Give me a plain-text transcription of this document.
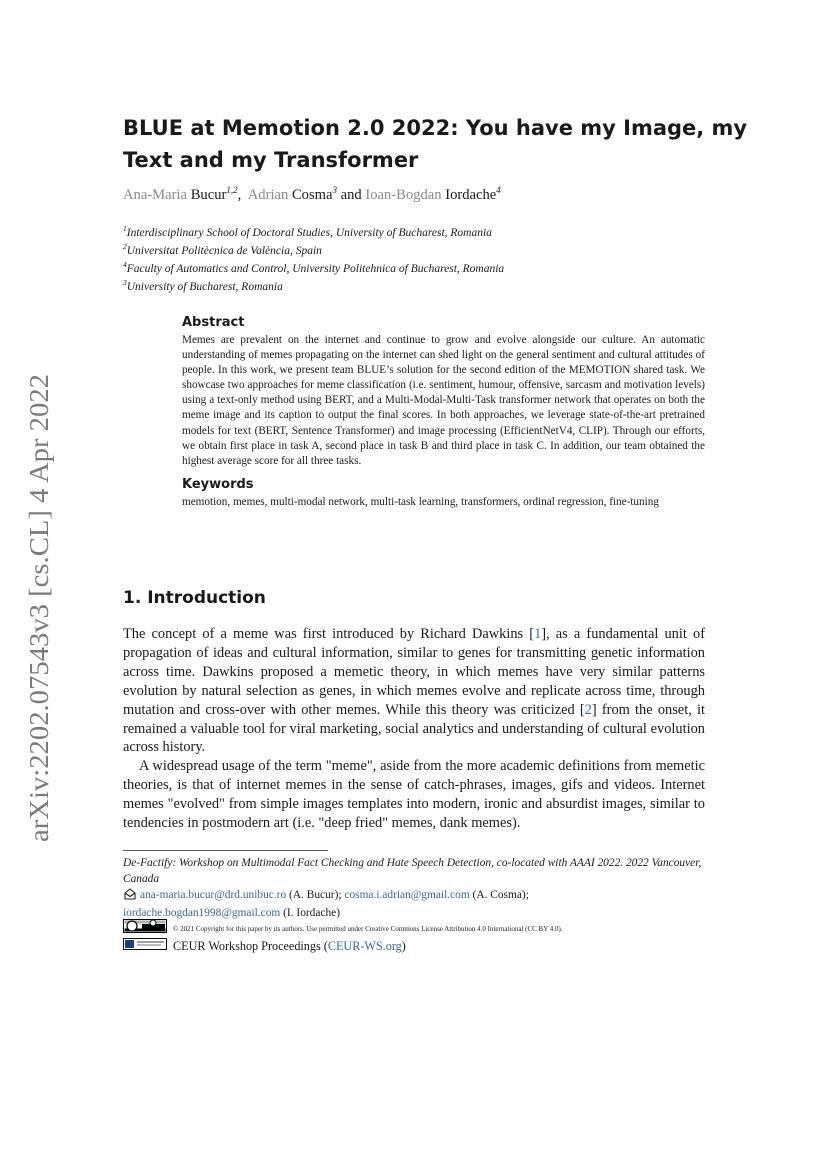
arXiv:2202.07543v3 [cs.CL] 4 Apr 2022
BLUE at Memotion 2.0 2022: You have my Image, my
Text and my Transformer
Ana-Maria Bucur$^{1,2}$,  Adrian Cosma$^3$ and Ioan-Bogdan Iordache$^4$
$^1$Interdisciplinary School of Doctoral Studies, University of Bucharest, Romania
$^2$Universitat Politècnica de València, Spain
$^4$Faculty of Automatics and Control, University Politehnica of Bucharest, Romania
$^3$University of Bucharest, Romania
Abstract

Memes are prevalent on the internet and continue to grow and evolve alongside our culture. An automatic understanding of memes propagating on the internet can shed light on the general sentiment and cultural attitudes of people. In this work, we present team BLUE’s solution for the second edition of the MEMOTION shared task. We showcase two approaches for meme classification (i.e. sentiment, humour, offensive, sarcasm and motivation levels) using a text-only method using BERT, and a Multi-Modal-Multi-Task transformer network that operates on both the meme image and its caption to output the final scores. In both approaches, we leverage state-of-the-art pretrained models for text (BERT, Sentence Transformer) and image processing (EfficientNetV4, CLIP). Through our efforts, we obtain first place in task A, second place in task B and third place in task C. In addition, our team obtained the highest average score for all three tasks.

Keywords

memotion, memes, multi-modal network, multi-task learning, transformers, ordinal regression, fine-tuning

1. Introduction

The concept of a meme was first introduced by Richard Dawkins [1], as a fundamental unit of propagation of ideas and cultural information, similar to genes for transmitting genetic information across time. Dawkins proposed a memetic theory, in which memes have very similar patterns evolution by natural selection as genes, in which memes evolve and replicate across time, through mutation and cross-over with other memes. While this theory was criticized [2] from the onset, it remained a valuable tool for viral marketing, social analytics and understanding of cultural evolution across history.

A widespread usage of the term "meme", aside from the more academic definitions from memetic theories, is that of internet memes in the sense of catch-phrases, images, gifs and videos. Internet memes "evolved" from simple images templates into modern, ironic and absurdist images, similar to tendencies in postmodern art (i.e. "deep fried" memes, dank memes).

De-Factify: Workshop on Multimodal Fact Checking and Hate Speech Detection, co-located with AAAI 2022. 2022 Vancouver, Canada

ana-maria.bucur@drd.unibuc.ro (A. Bucur); cosma.i.adrian@gmail.com (A. Cosma);

iordache.bogdan1998@gmail.com (I. Iordache)

© 2021 Copyright for this paper by its authors. Use permitted under Creative Commons License Attribution 4.0 International (CC BY 4.0).
CEUR Workshop Proceedings (CEUR-WS.org)
